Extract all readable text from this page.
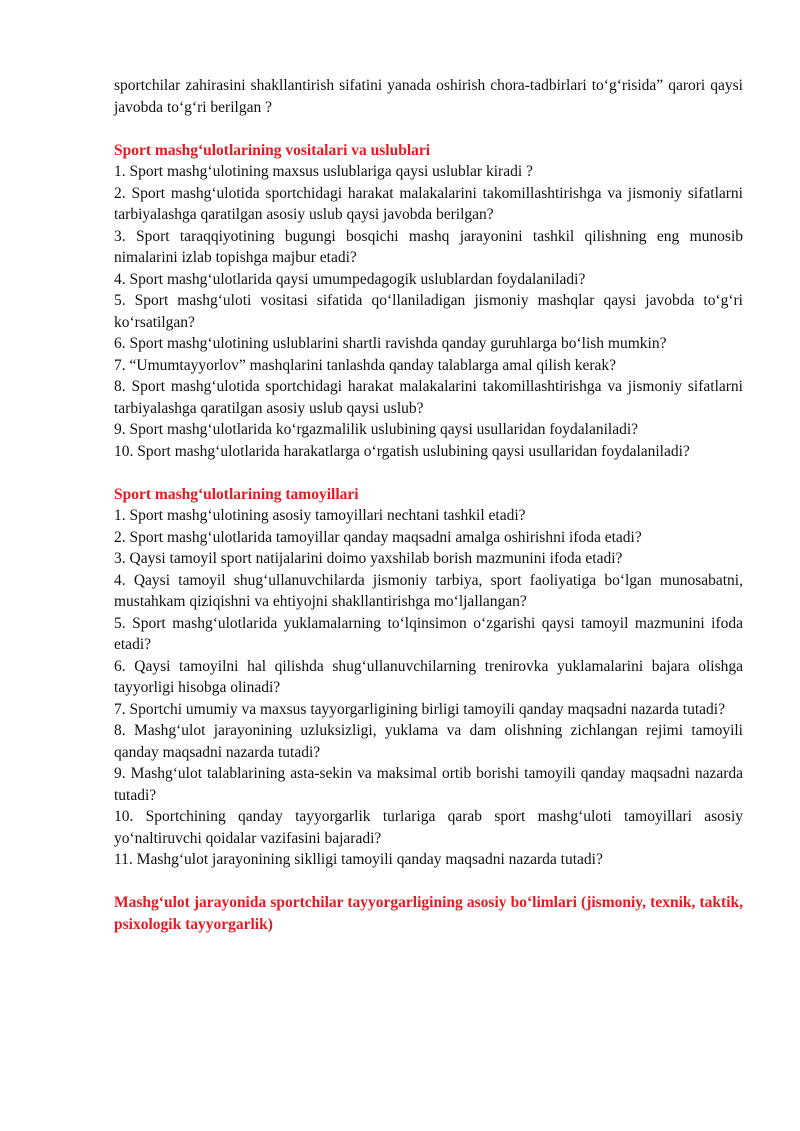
sportchilar zahirasini shakllantirish sifatini yanada oshirish chora-tadbirlari to‘g‘risida” qarori qaysi javobda to‘g‘ri berilgan ?

Sport mashg‘ulotlarining vositalari va uslublari

1. Sport mashg‘ulotining maxsus uslublariga qaysi uslublar kiradi ?

2. Sport mashg‘ulotida sportchidagi harakat malakalarini takomillashtirishga va jismoniy sifatlarni tarbiyalashga qaratilgan asosiy uslub qaysi javobda berilgan?

3. Sport taraqqiyotining bugungi bosqichi mashq jarayonini tashkil qilishning eng munosib nimalarini izlab topishga majbur etadi?

4. Sport mashg‘ulotlarida qaysi umumpedagogik uslublardan foydalaniladi?

5. Sport mashg‘uloti vositasi sifatida qo‘llaniladigan jismoniy mashqlar qaysi javobda to‘g‘ri ko‘rsatilgan?

6. Sport mashg‘ulotining uslublarini shartli ravishda qanday guruhlarga bo‘lish mumkin?

7. “Umumtayyorlov” mashqlarini tanlashda qanday talablarga amal qilish kerak?

8. Sport mashg‘ulotida sportchidagi harakat malakalarini takomillashtirishga va jismoniy sifatlarni tarbiyalashga qaratilgan asosiy uslub qaysi uslub?

9. Sport mashg‘ulotlarida ko‘rgazmalilik uslubining qaysi usullaridan foydalaniladi?

10. Sport mashg‘ulotlarida harakatlarga o‘rgatish uslubining qaysi usullaridan foydalaniladi?

Sport mashg‘ulotlarining tamoyillari

1. Sport mashg‘ulotining asosiy tamoyillari nechtani tashkil etadi?

2. Sport mashg‘ulotlarida tamoyillar qanday maqsadni amalga oshirishni ifoda etadi?

3. Qaysi tamoyil sport natijalarini doimo yaxshilab borish mazmunini ifoda etadi?

4. Qaysi tamoyil shug‘ullanuvchilarda jismoniy tarbiya, sport faoliyatiga bo‘lgan munosabatni, mustahkam qiziqishni va ehtiyojni shakllantirishga mo‘ljallangan?

5. Sport mashg‘ulotlarida yuklamalarning to‘lqinsimon o‘zgarishi qaysi tamoyil mazmunini ifoda etadi?

6. Qaysi tamoyilni hal qilishda shug‘ullanuvchilarning trenirovka yuklamalarini bajara olishga tayyorligi hisobga olinadi?

7. Sportchi umumiy va maxsus tayyorgarligining birligi tamoyili qanday maqsadni nazarda tutadi?

8. Mashg‘ulot jarayonining uzluksizligi, yuklama va dam olishning zichlangan rejimi tamoyili qanday maqsadni nazarda tutadi?

9. Mashg‘ulot talablarining asta-sekin va maksimal ortib borishi tamoyili qanday maqsadni nazarda tutadi?

10. Sportchining qanday tayyorgarlik turlariga qarab sport mashg‘uloti tamoyillari asosiy yo‘naltiruvchi qoidalar vazifasini bajaradi?

11. Mashg‘ulot jarayonining siklligi tamoyili qanday maqsadni nazarda tutadi?

Mashg‘ulot jarayonida sportchilar tayyorgarligining asosiy bo‘limlari (jismoniy, texnik, taktik, psixologik tayyorgarlik)
